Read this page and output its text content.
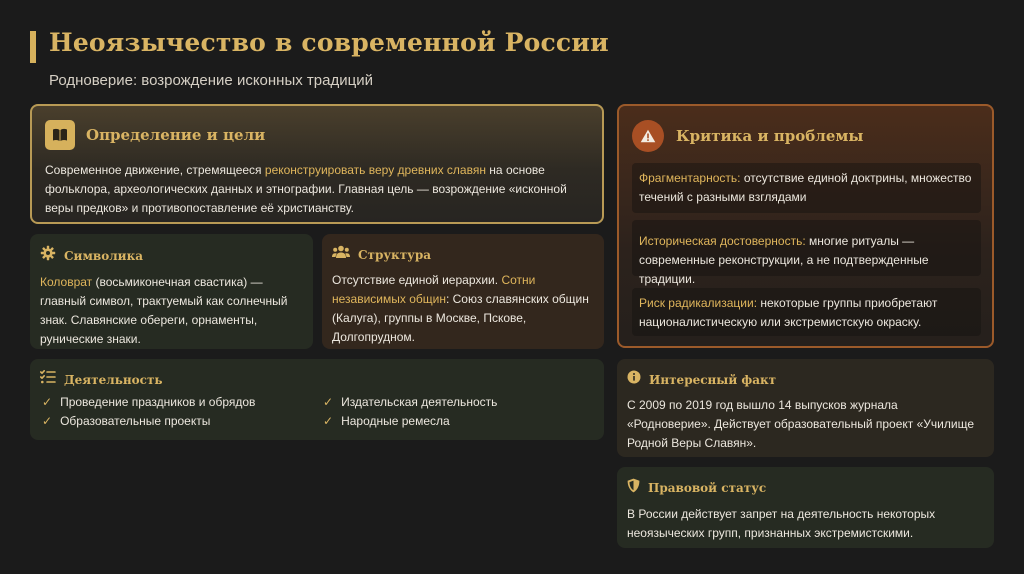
Неоязычество в современной России
Родноверие: возрождение исконных традиций
Определение и цели

Современное движение, стремящееся реконструировать веру древних славян на основе фольклора, археологических данных и этнографии. Главная цель — возрождение «исконной веры предков» и противопоставление её христианству.

Символика

Коловрат (восьмиконечная свастика) — главный символ, трактуемый как солнечный знак. Славянские обереги, орнаменты, рунические знаки.

Структура

Отсутствие единой иерархии. Сотни независимых общин: Союз славянских общин (Калуга), группы в Москве, Пскове, Долгопрудном.

Деятельность
✓ Проведение праздников и обрядов
✓ Образовательные проекты
✓ Издательская деятельность
✓ Народные ремесла
Критика и проблемы

Фрагментарность: отсутствие единой доктрины, множество течений с разными взглядами

Историческая достоверность: многие ритуалы — современные реконструкции, а не подтвержденные традиции.

Риск радикализации: некоторые группы приобретают националистическую или экстремистскую окраску.

Интересный факт

С 2009 по 2019 год вышло 14 выпусков журнала «Родноверие». Действует образовательный проект «Училище Родной Веры Славян».

Правовой статус

В России действует запрет на деятельность некоторых неоязыческих групп, признанных экстремистскими.
